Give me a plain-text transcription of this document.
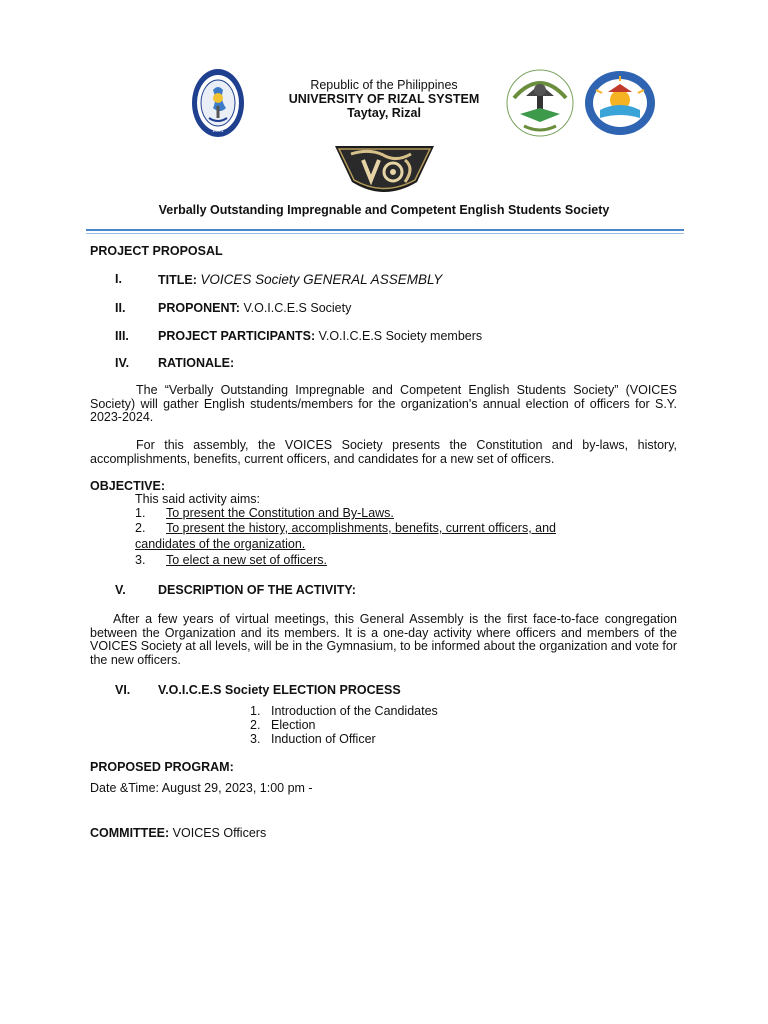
2001
Republic of the Philippines
UNIVERSITY OF RIZAL SYSTEM
Taytay, Rizal
Verbally Outstanding Impregnable and Competent English Students Society
PROJECT PROPOSAL
I.	TITLE: VOICES Society GENERAL ASSEMBLY
II.	PROPONENT: V.O.I.C.E.S Society
III. PROJECT PARTICIPANTS: V.O.I.C.E.S Society members
IV. RATIONALE:
The “Verbally Outstanding Impregnable and Competent English Students Society” (VOICES Society) will gather English students/members for the organization's annual election of officers for S.Y. 2023-2024.
For this assembly, the VOICES Society presents the Constitution and by-laws, history, accomplishments, benefits, current officers, and candidates for a new set of officers.
OBJECTIVE:
This said activity aims:
1. To present the Constitution and By-Laws.
2. To present the history, accomplishments, benefits, current officers, and
candidates of the organization.
3. To elect a new set of officers.
V.	DESCRIPTION OF THE ACTIVITY:
After a few years of virtual meetings, this General Assembly is the first face-to-face congregation between the Organization and its members. It is a one-day activity where officers and members of the VOICES Society at all levels, will be in the Gymnasium, to be informed about the organization and vote for the new officers.
VI. V.O.I.C.E.S Society ELECTION PROCESS
1. Introduction of the Candidates
2. Election
3. Induction of Officer
PROPOSED PROGRAM:
Date &Time: August 29, 2023, 1:00 pm -
COMMITTEE: VOICES Officers
